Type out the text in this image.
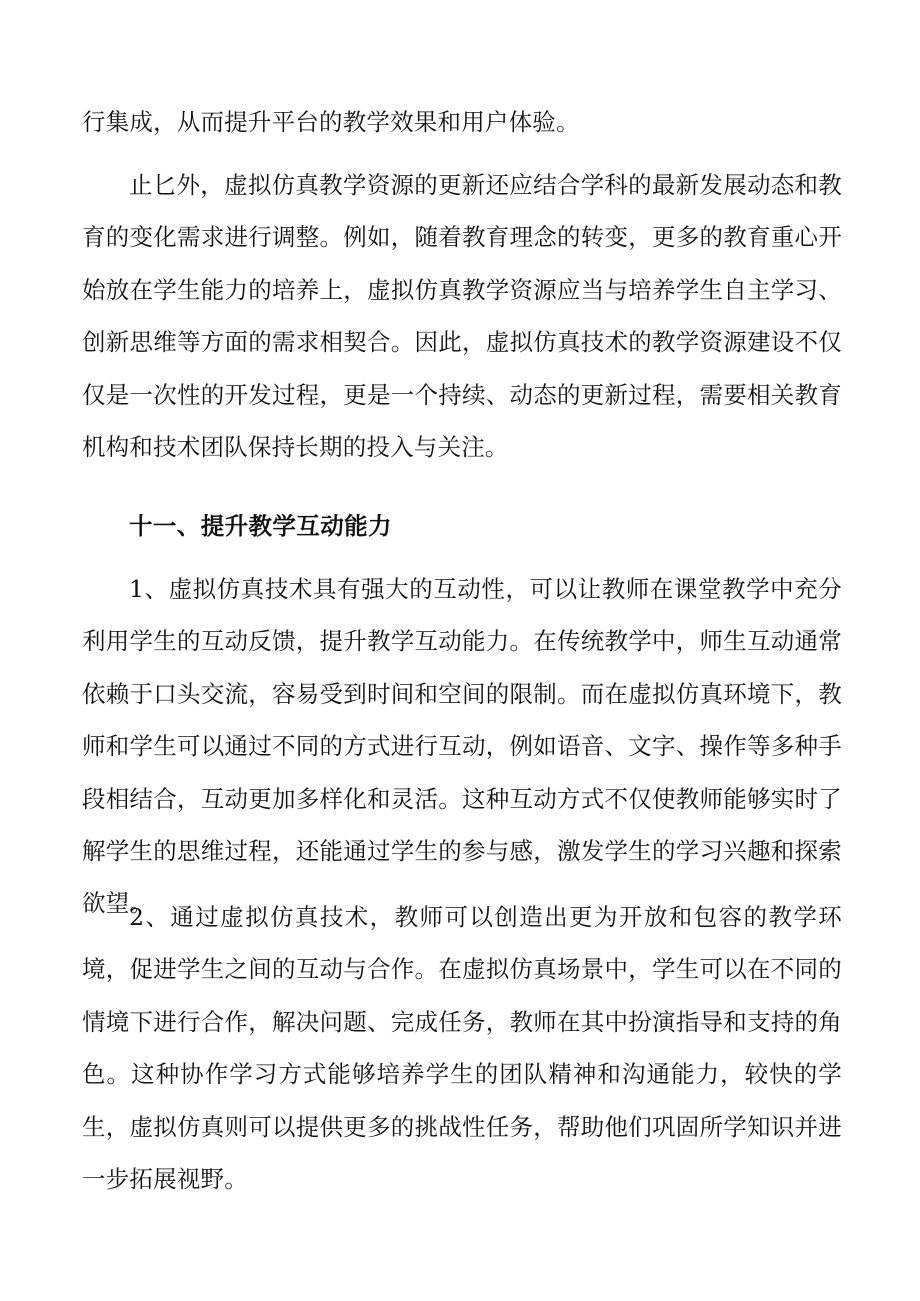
行集成，从而提升平台的教学效果和用户体验。

止匕外，虚拟仿真教学资源的更新还应结合学科的最新发展动态和教育的变化需求进行调整。例如，随着教育理念的转变，更多的教育重心开始放在学生能力的培养上，虚拟仿真教学资源应当与培养学生自主学习、创新思维等方面的需求相契合。因此，虚拟仿真技术的教学资源建设不仅仅是一次性的开发过程，更是一个持续、动态的更新过程，需要相关教育机构和技术团队保持长期的投入与关注。

十一、提升教学互动能力

1、虚拟仿真技术具有强大的互动性，可以让教师在课堂教学中充分利用学生的互动反馈，提升教学互动能力。在传统教学中，师生互动通常依赖于口头交流，容易受到时间和空间的限制。而在虚拟仿真环境下，教师和学生可以通过不同的方式进行互动，例如语音、文字、操作等多种手段相结合，互动更加多样化和灵活。这种互动方式不仅使教师能够实时了解学生的思维过程，还能通过学生的参与感，激发学生的学习兴趣和探索欲望。

2、通过虚拟仿真技术，教师可以创造出更为开放和包容的教学环境，促进学生之间的互动与合作。在虚拟仿真场景中，学生可以在不同的情境下进行合作，解决问题、完成任务，教师在其中扮演指导和支持的角色。这种协作学习方式能够培养学生的团队精神和沟通能力，较快的学生，虚拟仿真则可以提供更多的挑战性任务，帮助他们巩固所学知识并进一步拓展视野。
